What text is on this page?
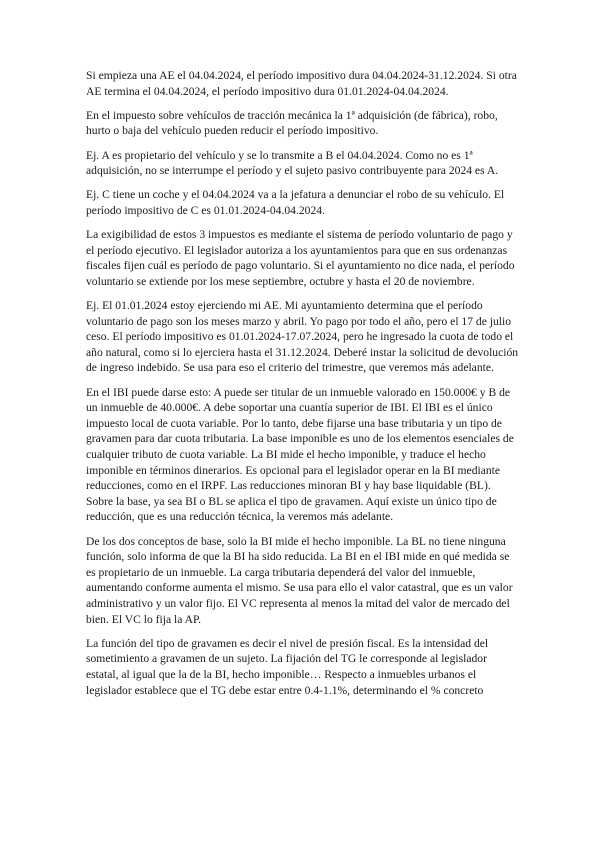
Si empieza una AE el 04.04.2024, el período impositivo dura 04.04.2024-31.12.2024. Si otra AE termina el 04.04.2024, el período impositivo dura 01.01.2024-04.04.2024.

En el impuesto sobre vehículos de tracción mecánica la 1ª adquisición (de fábrica), robo, hurto o baja del vehículo pueden reducir el período impositivo.

Ej. A es propietario del vehículo y se lo transmite a B el 04.04.2024. Como no es 1ª adquisición, no se interrumpe el período y el sujeto pasivo contribuyente para 2024 es A.

Ej. C tiene un coche y el 04.04.2024 va a la jefatura a denunciar el robo de su vehículo. El período impositivo de C es 01.01.2024-04.04.2024.

La exigibilidad de estos 3 impuestos es mediante el sistema de período voluntario de pago y el período ejecutivo. El legislador autoriza a los ayuntamientos para que en sus ordenanzas fiscales fijen cuál es período de pago voluntario. Si el ayuntamiento no dice nada, el período voluntario se extiende por los mese septiembre, octubre y hasta el 20 de noviembre.

Ej. El 01.01.2024 estoy ejerciendo mi AE. Mi ayuntamiento determina que el período voluntario de pago son los meses marzo y abril. Yo pago por todo el año, pero el 17 de julio ceso. El período impositivo es 01.01.2024-17.07.2024, pero he ingresado la cuota de todo el año natural, como si lo ejerciera hasta el 31.12.2024. Deberé instar la solicitud de devolución de ingreso indebido. Se usa para eso el criterio del trimestre, que veremos más adelante.

En el IBI puede darse esto: A puede ser titular de un inmueble valorado en 150.000€ y B de un inmueble de 40.000€. A debe soportar una cuantía superior de IBI. El IBI es el único impuesto local de cuota variable. Por lo tanto, debe fijarse una base tributaria y un tipo de gravamen para dar cuota tributaria. La base imponible es uno de los elementos esenciales de cualquier tributo de cuota variable. La BI mide el hecho imponible, y traduce el hecho imponible en términos dinerarios. Es opcional para el legislador operar en la BI mediante reducciones, como en el IRPF. Las reducciones minoran BI y hay base liquidable (BL). Sobre la base, ya sea BI o BL se aplica el tipo de gravamen. Aquí existe un único tipo de reducción, que es una reducción técnica, la veremos más adelante.

De los dos conceptos de base, solo la BI mide el hecho imponible. La BL no tiene ninguna función, solo informa de que la BI ha sido reducida. La BI en el IBI mide en qué medida se es propietario de un inmueble. La carga tributaria dependerá del valor del inmueble, aumentando conforme aumenta el mismo. Se usa para ello el valor catastral, que es un valor administrativo y un valor fijo. El VC representa al menos la mitad del valor de mercado del bien. El VC lo fija la AP.

La función del tipo de gravamen es decir el nivel de presión fiscal. Es la intensidad del sometimiento a gravamen de un sujeto. La fijación del TG le corresponde al legislador estatal, al igual que la de la BI, hecho imponible… Respecto a inmuebles urbanos el legislador establece que el TG debe estar entre 0.4-1.1%, determinando el % concreto
